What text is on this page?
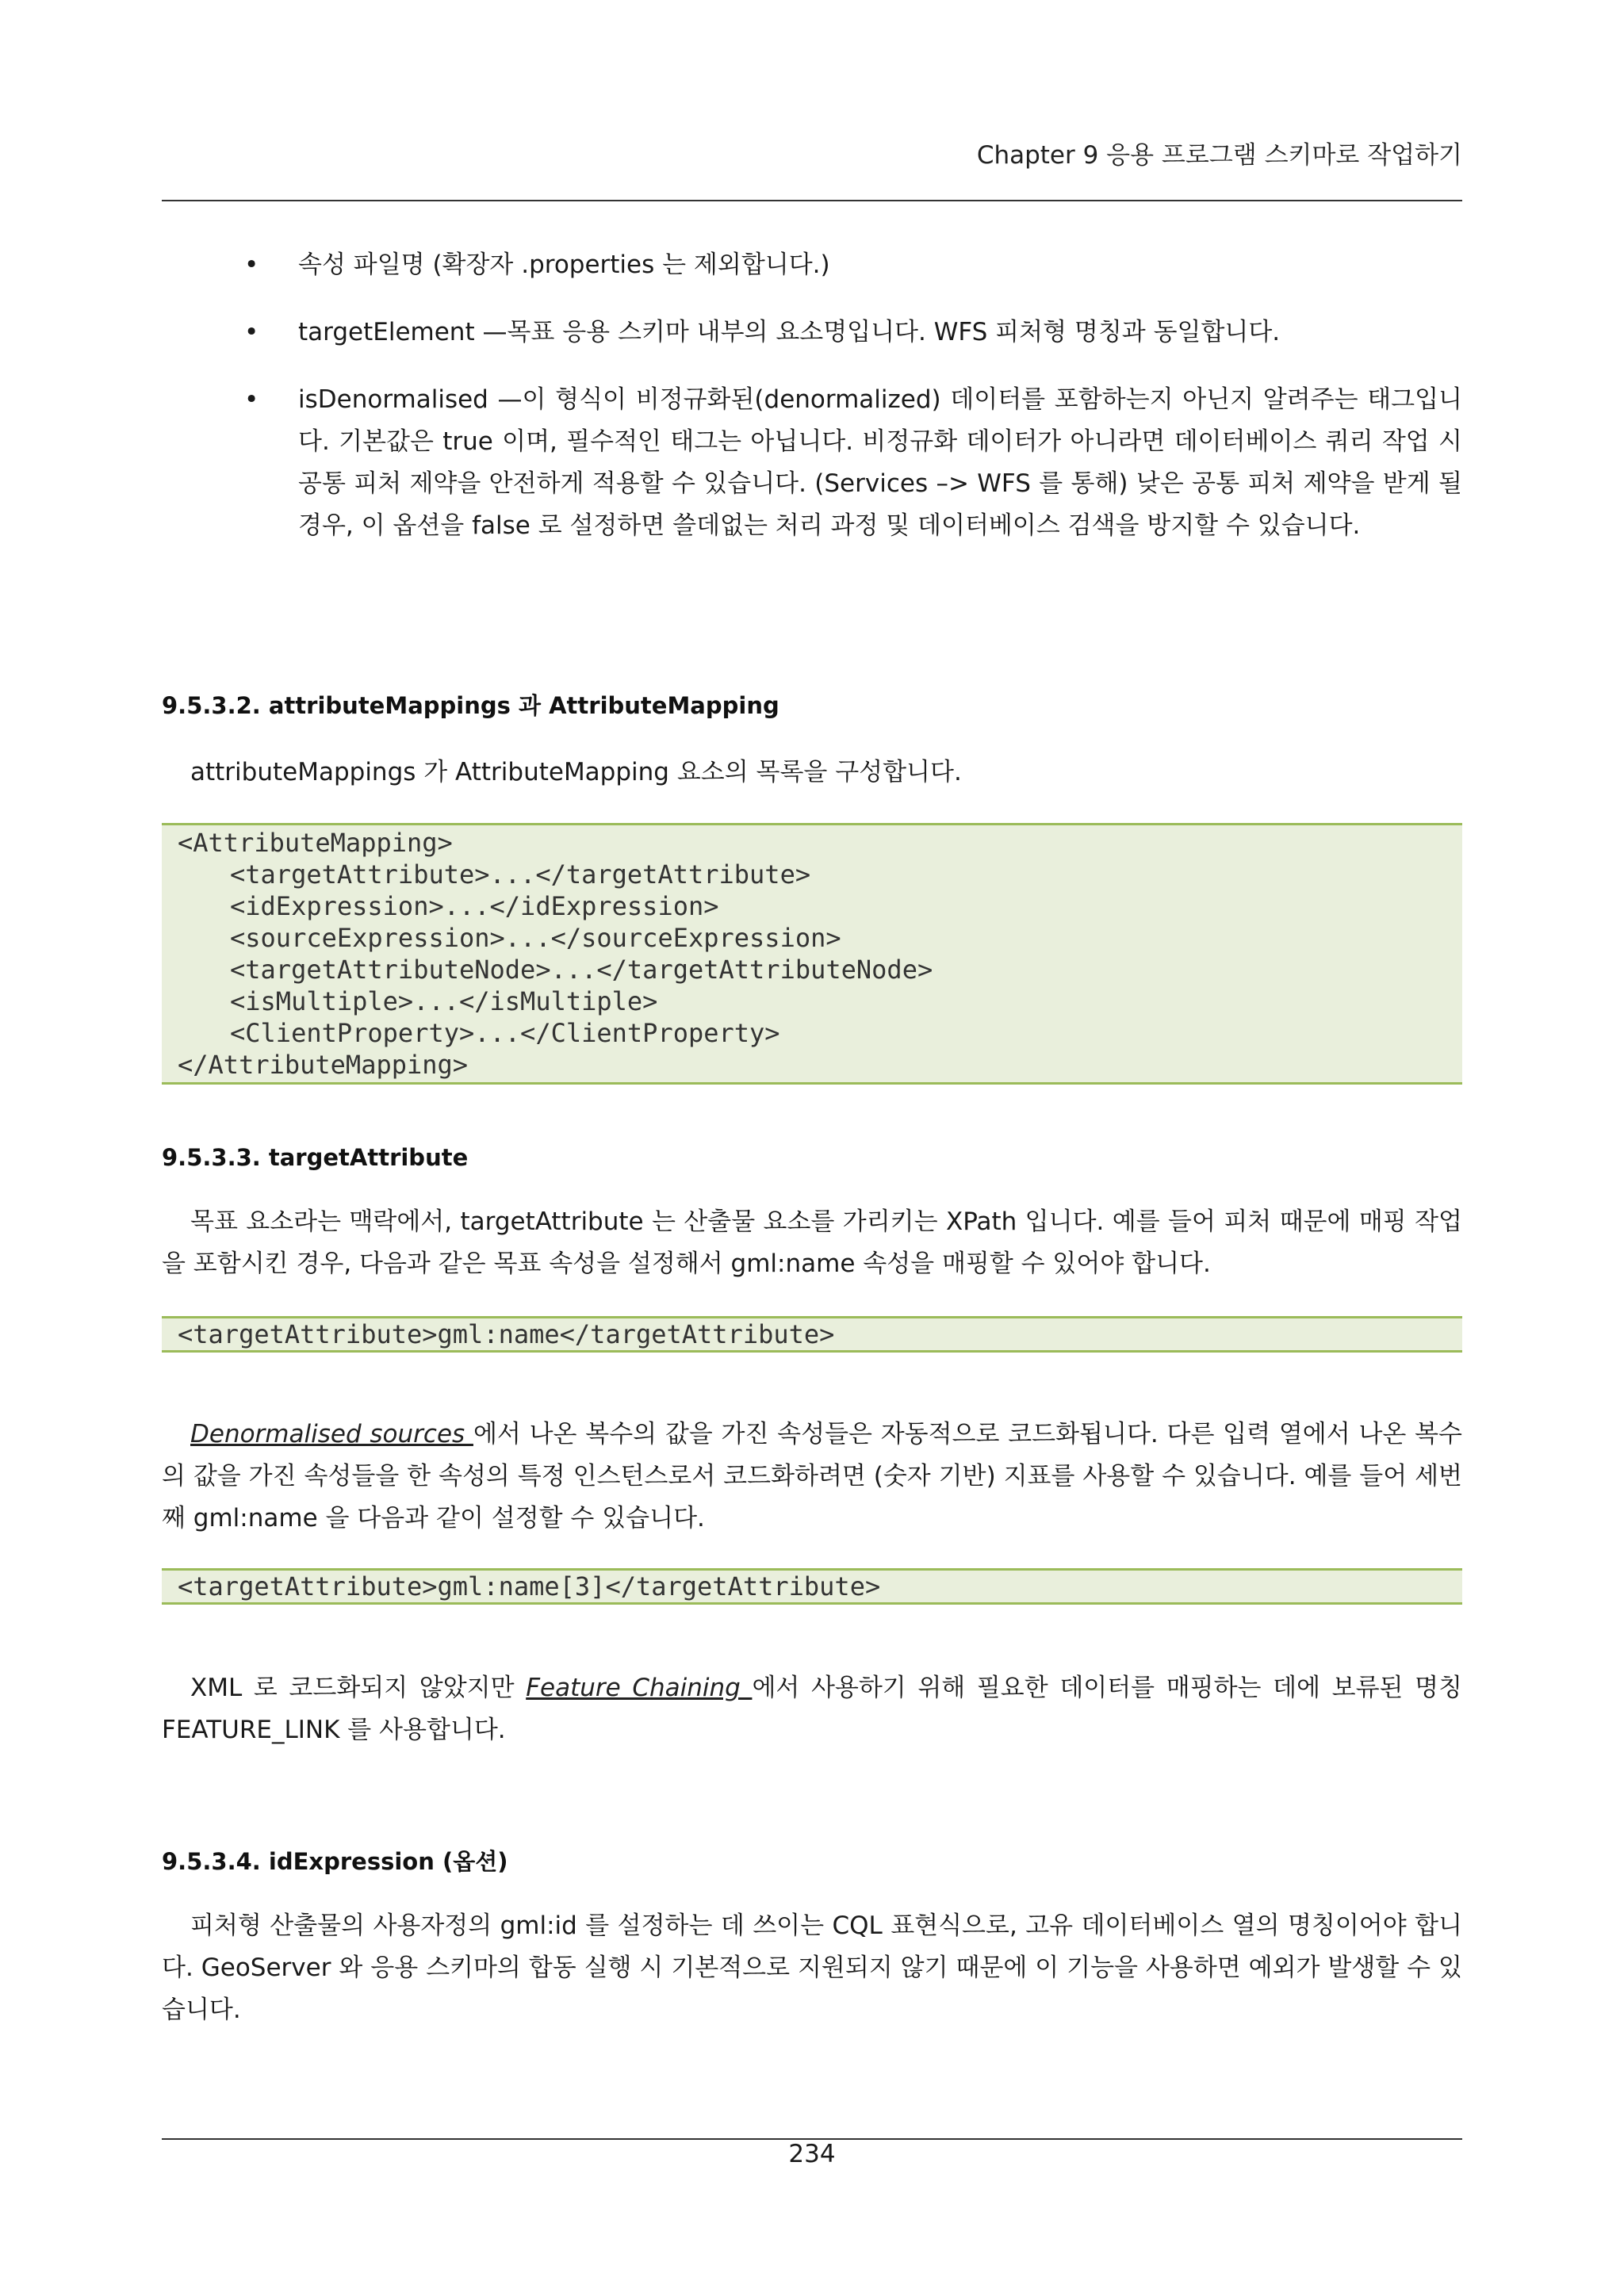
Chapter 9 응용 프로그램 스키마로 작업하기
• 속성 파일명 (확장자 .properties 는 제외합니다.)
• targetElement —목표 응용 스키마 내부의 요소명입니다. WFS 피처형 명칭과 동일합니다.
• isDenormalised —이 형식이 비정규화된(denormalized) 데이터를 포함하는지 아닌지 알려주는 태그입니다. 기본값은 true 이며, 필수적인 태그는 아닙니다. 비정규화 데이터가 아니라면 데이터베이스 쿼리 작업 시 공통 피처 제약을 안전하게 적용할 수 있습니다. (Services –> WFS 를 통해) 낮은 공통 피처 제약을 받게 될 경우, 이 옵션을 false 로 설정하면 쓸데없는 처리 과정 및 데이터베이스 검색을 방지할 수 있습니다.
9.5.3.2. attributeMappings 과 AttributeMapping
attributeMappings 가 AttributeMapping 요소의 목록을 구성합니다.
<AttributeMapping>
<targetAttribute>...</targetAttribute>
<idExpression>...</idExpression>
<sourceExpression>...</sourceExpression>
<targetAttributeNode>...</targetAttributeNode>
<isMultiple>...</isMultiple>
<ClientProperty>...</ClientProperty>
</AttributeMapping>
9.5.3.3. targetAttribute
목표 요소라는 맥락에서, targetAttribute 는 산출물 요소를 가리키는 XPath 입니다. 예를 들어 피처 때문에 매핑 작업을 포함시킨 경우, 다음과 같은 목표 속성을 설정해서 gml:name 속성을 매핑할 수 있어야 합니다.
<targetAttribute>gml:name</targetAttribute>
Denormalised sources 에서 나온 복수의 값을 가진 속성들은 자동적으로 코드화됩니다. 다른 입력 열에서 나온 복수의 값을 가진 속성들을 한 속성의 특정 인스턴스로서 코드화하려면 (숫자 기반) 지표를 사용할 수 있습니다. 예를 들어 세번째 gml:name 을 다음과 같이 설정할 수 있습니다.
<targetAttribute>gml:name[3]</targetAttribute>
XML 로 코드화되지 않았지만 Feature Chaining 에서 사용하기 위해 필요한 데이터를 매핑하는 데에 보류된 명칭 FEATURE_LINK 를 사용합니다.
9.5.3.4. idExpression (옵션)
피처형 산출물의 사용자정의 gml:id 를 설정하는 데 쓰이는 CQL 표현식으로, 고유 데이터베이스 열의 명칭이어야 합니다. GeoServer 와 응용 스키마의 합동 실행 시 기본적으로 지원되지 않기 때문에 이 기능을 사용하면 예외가 발생할 수 있습니다.
234
